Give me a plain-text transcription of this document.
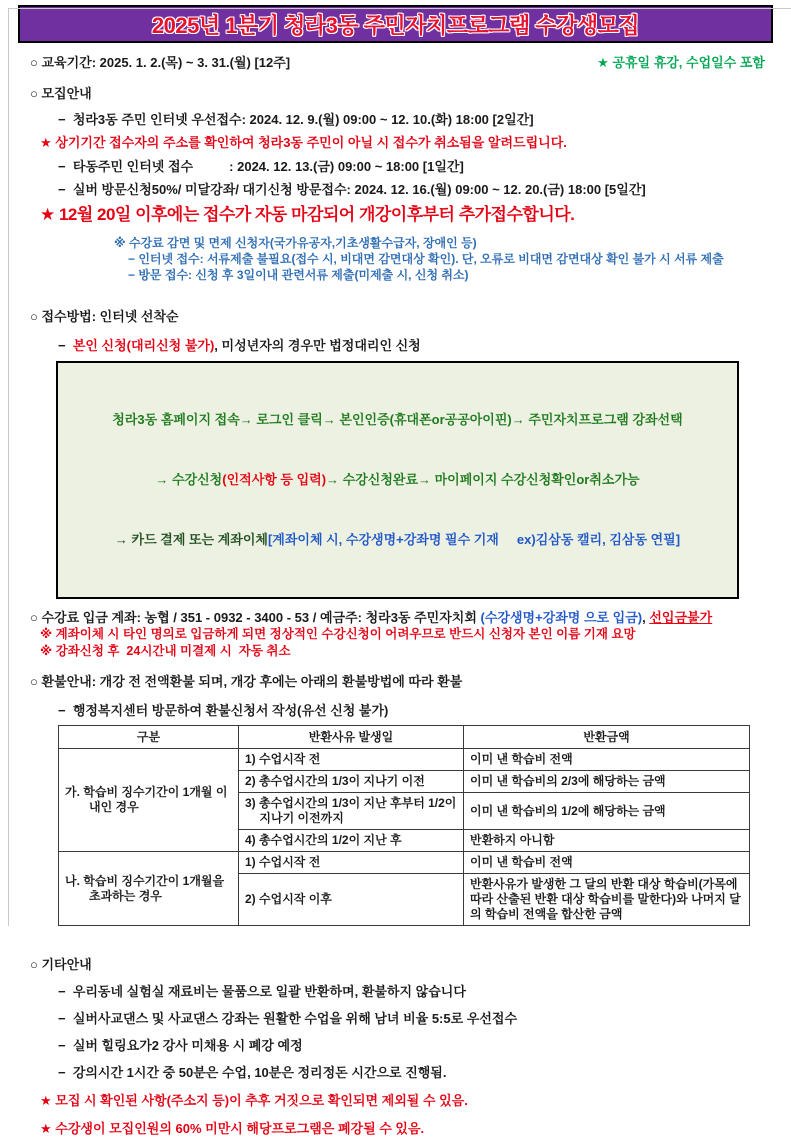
2025년 1분기 청라3동 주민자치프로그램 수강생모집
○ 교육기간: 2025. 1. 2.(목) ~ 3. 31.(월) [12주]	★ 공휴일 휴강, 수업일수 포함
○ 모집안내
−  청라3동 주민 인터넷 우선접수: 2024. 12. 9.(월) 09:00 ~ 12. 10.(화) 18:00 [2일간]
★ 상기기간 접수자의 주소를 확인하여 청라3동 주민이 아닐 시 접수가 취소됨을 알려드립니다.
−  타동주민 인터넷 접수          : 2024. 12. 13.(금) 09:00 ~ 18:00 [1일간]
−  실버 방문신청50%/ 미달강좌/ 대기신청 방문접수: 2024. 12. 16.(월) 09:00 ~ 12. 20.(금) 18:00 [5일간]
★ 12월 20일 이후에는 접수가 자동 마감되어 개강이후부터 추가접수합니다.
※ 수강료 감면 및 면제 신청자(국가유공자,기초생활수급자, 장애인 등)
− 인터넷 접수: 서류제출 불필요(접수 시, 비대면 감면대상 확인). 단, 오류로 비대면 감면대상 확인 불가 시 서류 제출
− 방문 접수: 신청 후 3일이내 관련서류 제출(미제출 시, 신청 취소)
○ 접수방법: 인터넷 선착순
−  본인 신청(대리신청 불가), 미성년자의 경우만 법정대리인 신청

청라3동 홈페이지 접속→ 로그인 클릭→ 본인인증(휴대폰or공공아이핀)→ 주민자치프로그램 강좌선택

→ 수강신청(인적사항 등 입력)→ 수강신청완료→ 마이페이지 수강신청확인or취소가능

→ 카드 결제 또는 계좌이체[계좌이체 시, 수강생명+강좌명 필수 기재     ex)김삼동 캘리, 김삼동 연필]

○ 수강료 입금 계좌: 농협 / 351 - 0932 - 3400 - 53 / 예금주: 청라3동 주민자치회 (수강생명+강좌명 으로 입금), 선입금불가
※ 계좌이체 시 타인 명의로 입금하게 되면 정상적인 수강신청이 어려우므로 반드시 신청자 본인 이름 기재 요망
※ 강좌신청 후  24시간내 미결제 시  자동 취소
○ 환불안내: 개강 전 전액환불 되며, 개강 후에는 아래의 환불방법에 따라 환불
−  행정복지센터 방문하여 환불신청서 작성(유선 신청 불가)
구분	반환사유 발생일	반환금액

가. 학습비 징수기간이 1개월 이내인 경우	1) 수업시작 전	이미 낸 학습비 전액
	2) 총수업시간의 1/3이 지나기 이전	이미 낸 학습비의 2/3에 해당하는 금액

	3) 총수업시간의 1/3이 지난 후부터 1/2이 지나기 이전까지	이미 낸 학습비의 1/2에 해당하는 금액
	4) 총수업시간의 1/2이 지난 후	반환하지 아니함

나. 학습비 징수기간이 1개월을 초과하는 경우	1) 수업시작 전	이미 낸 학습비 전액
	2) 수업시작 이후	반환사유가 발생한 그 달의 반환 대상 학습비(가목에 따라 산출된 반환 대상 학습비를 말한다)와 나머지 달의 학습비 전액을 합산한 금액
○ 기타안내
−  우리동네 실험실 재료비는 물품으로 일괄 반환하며, 환불하지 않습니다
−  실버사교댄스 및 사교댄스 강좌는 원활한 수업을 위해 남녀 비율 5:5로 우선접수
−  실버 힐링요가2 강사 미채용 시 폐강 예정
−  강의시간 1시간 중 50분은 수업, 10분은 정리정돈 시간으로 진행됨.
★ 모집 시 확인된 사항(주소지 등)이 추후 거짓으로 확인되면 제외될 수 있음.
★ 수강생이 모집인원의 60% 미만시 해당프로그램은 폐강될 수 있음.
